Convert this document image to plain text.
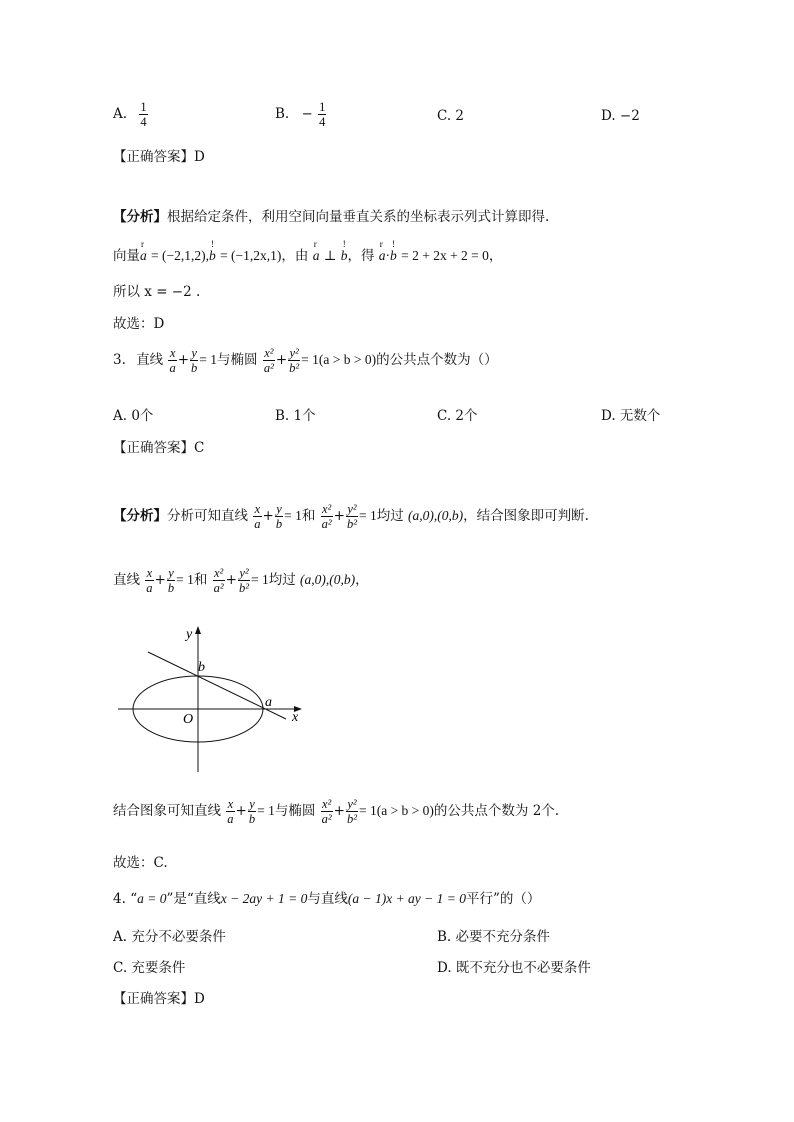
A. $\frac{1}{4}$	B. − $\frac{1}{4}$	C. 2	D. −2
【正确答案】D
【分析】根据给定条件，利用空间向量垂直关系的坐标表示列式计算即得.
向量r a = (−2,1,2),! b = (−1,2x,1)，由 r a ⊥ ! b，得 r a·! b = 2 + 2x + 2 = 0，
所以 x = −2 .
故选：D
3. 直线 $\frac{x}{a} + \frac{y}{b} = 1$与椭圆 $\frac{\text{x²}}{\text{a²}} + \frac{\text{y²}}{\text{b²}} = 1(a > b > 0)$的公共点个数为（）
A. 0个	B. 1个	C. 2个	D. 无数个
【正确答案】C
【分析】分析可知直线 $\frac{x}{a} + \frac{y}{b} = 1$和 $\frac{\text{x²}}{\text{a²}} + \frac{\text{y²}}{\text{b²}} = 1$均过 (a,0),(0,b)，结合图象即可判断.
直线 $\frac{x}{a} + \frac{y}{b} = 1$和 $\frac{\text{x²}}{\text{a²}} + \frac{\text{y²}}{\text{b²}} = 1$均过 (a,0),(0,b)，
x
y
O
a
b
结合图象可知直线 $\frac{x}{a} + \frac{y}{b} = 1$与椭圆 $\frac{\text{x²}}{\text{a²}} + \frac{\text{y²}}{\text{b²}} = 1(a > b > 0)$的公共点个数为 2个.
故选：C.
4. “a = 0”是“直线x − 2ay + 1 = 0与直线(a − 1)x + ay − 1 = 0平行”的（）
A. 充分不必要条件	B. 必要不充分条件
C. 充要条件	D. 既不充分也不必要条件
【正确答案】D
